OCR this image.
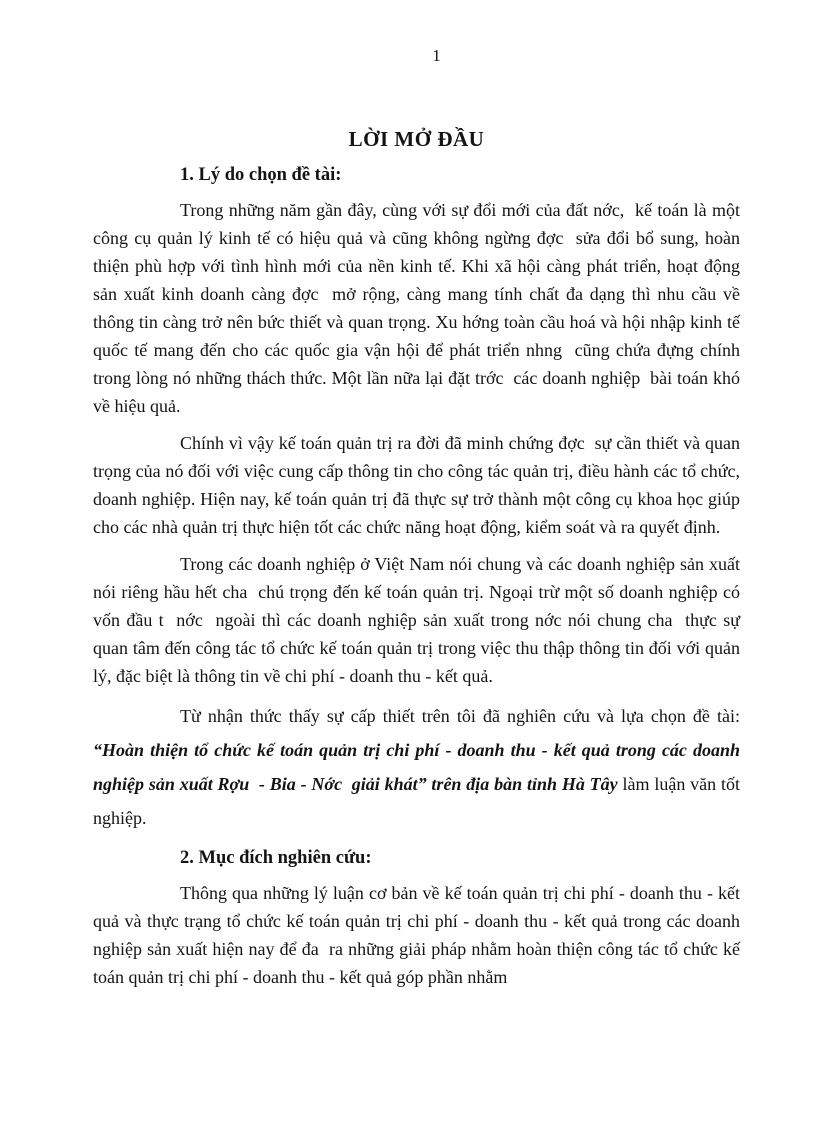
1
LỜI MỞ ĐẦU
1. Lý do chọn đề tài:

Trong những năm gần đây, cùng với sự đổi mới của đất nớc,  kế toán là một công cụ quản lý kinh tế có hiệu quả và cũng không ngừng đợc  sửa đổi bổ sung, hoàn thiện phù hợp với tình hình mới của nền kinh tế. Khi xã hội càng phát triển, hoạt động sản xuất kinh doanh càng đợc  mở rộng, càng mang tính chất đa dạng thì nhu cầu về thông tin càng trở nên bức thiết và quan trọng. Xu hớng toàn cầu hoá và hội nhập kinh tế quốc tế mang đến cho các quốc gia vận hội để phát triển nhng  cũng chứa đựng chính trong lòng nó những thách thức. Một lần nữa lại đặt trớc  các doanh nghiệp  bài toán khó về hiệu quả.

Chính vì vậy kế toán quản trị ra đời đã minh chứng đợc  sự cần thiết và quan trọng của nó đối với việc cung cấp thông tin cho công tác quản trị, điều hành các tổ chức, doanh nghiệp. Hiện nay, kế toán quản trị đã thực sự trở thành một công cụ khoa học giúp cho các nhà quản trị thực hiện tốt các chức năng hoạt động, kiểm soát và ra quyết định.

Trong các doanh nghiệp ở Việt Nam nói chung và các doanh nghiệp sản xuất nói riêng hầu hết cha  chú trọng đến kế toán quản trị. Ngoại trừ một số doanh nghiệp có vốn đầu t  nớc  ngoài thì các doanh nghiệp sản xuất trong nớc nói chung cha  thực sự quan tâm đến công tác tổ chức kế toán quản trị trong việc thu thập thông tin đối với quản lý, đặc biệt là thông tin về chi phí - doanh thu - kết quả.

Từ nhận thức thấy sự cấp thiết trên tôi đã nghiên cứu và lựa chọn đề tài: “Hoàn thiện tổ chức kế toán quản trị chi phí - doanh thu - kết quả trong các doanh nghiệp sản xuất Rợu  - Bia - Nớc  giải khát” trên địa bàn tỉnh Hà Tây làm luận văn tốt nghiệp.

2. Mục đích nghiên cứu:

Thông qua những lý luận cơ bản về kế toán quản trị chi phí - doanh thu - kết quả và thực trạng tổ chức kế toán quản trị chi phí - doanh thu - kết quả trong các doanh nghiệp sản xuất hiện nay để đa  ra những giải pháp nhằm hoàn thiện công tác tổ chức kế toán quản trị chi phí - doanh thu - kết quả góp phần nhằm
